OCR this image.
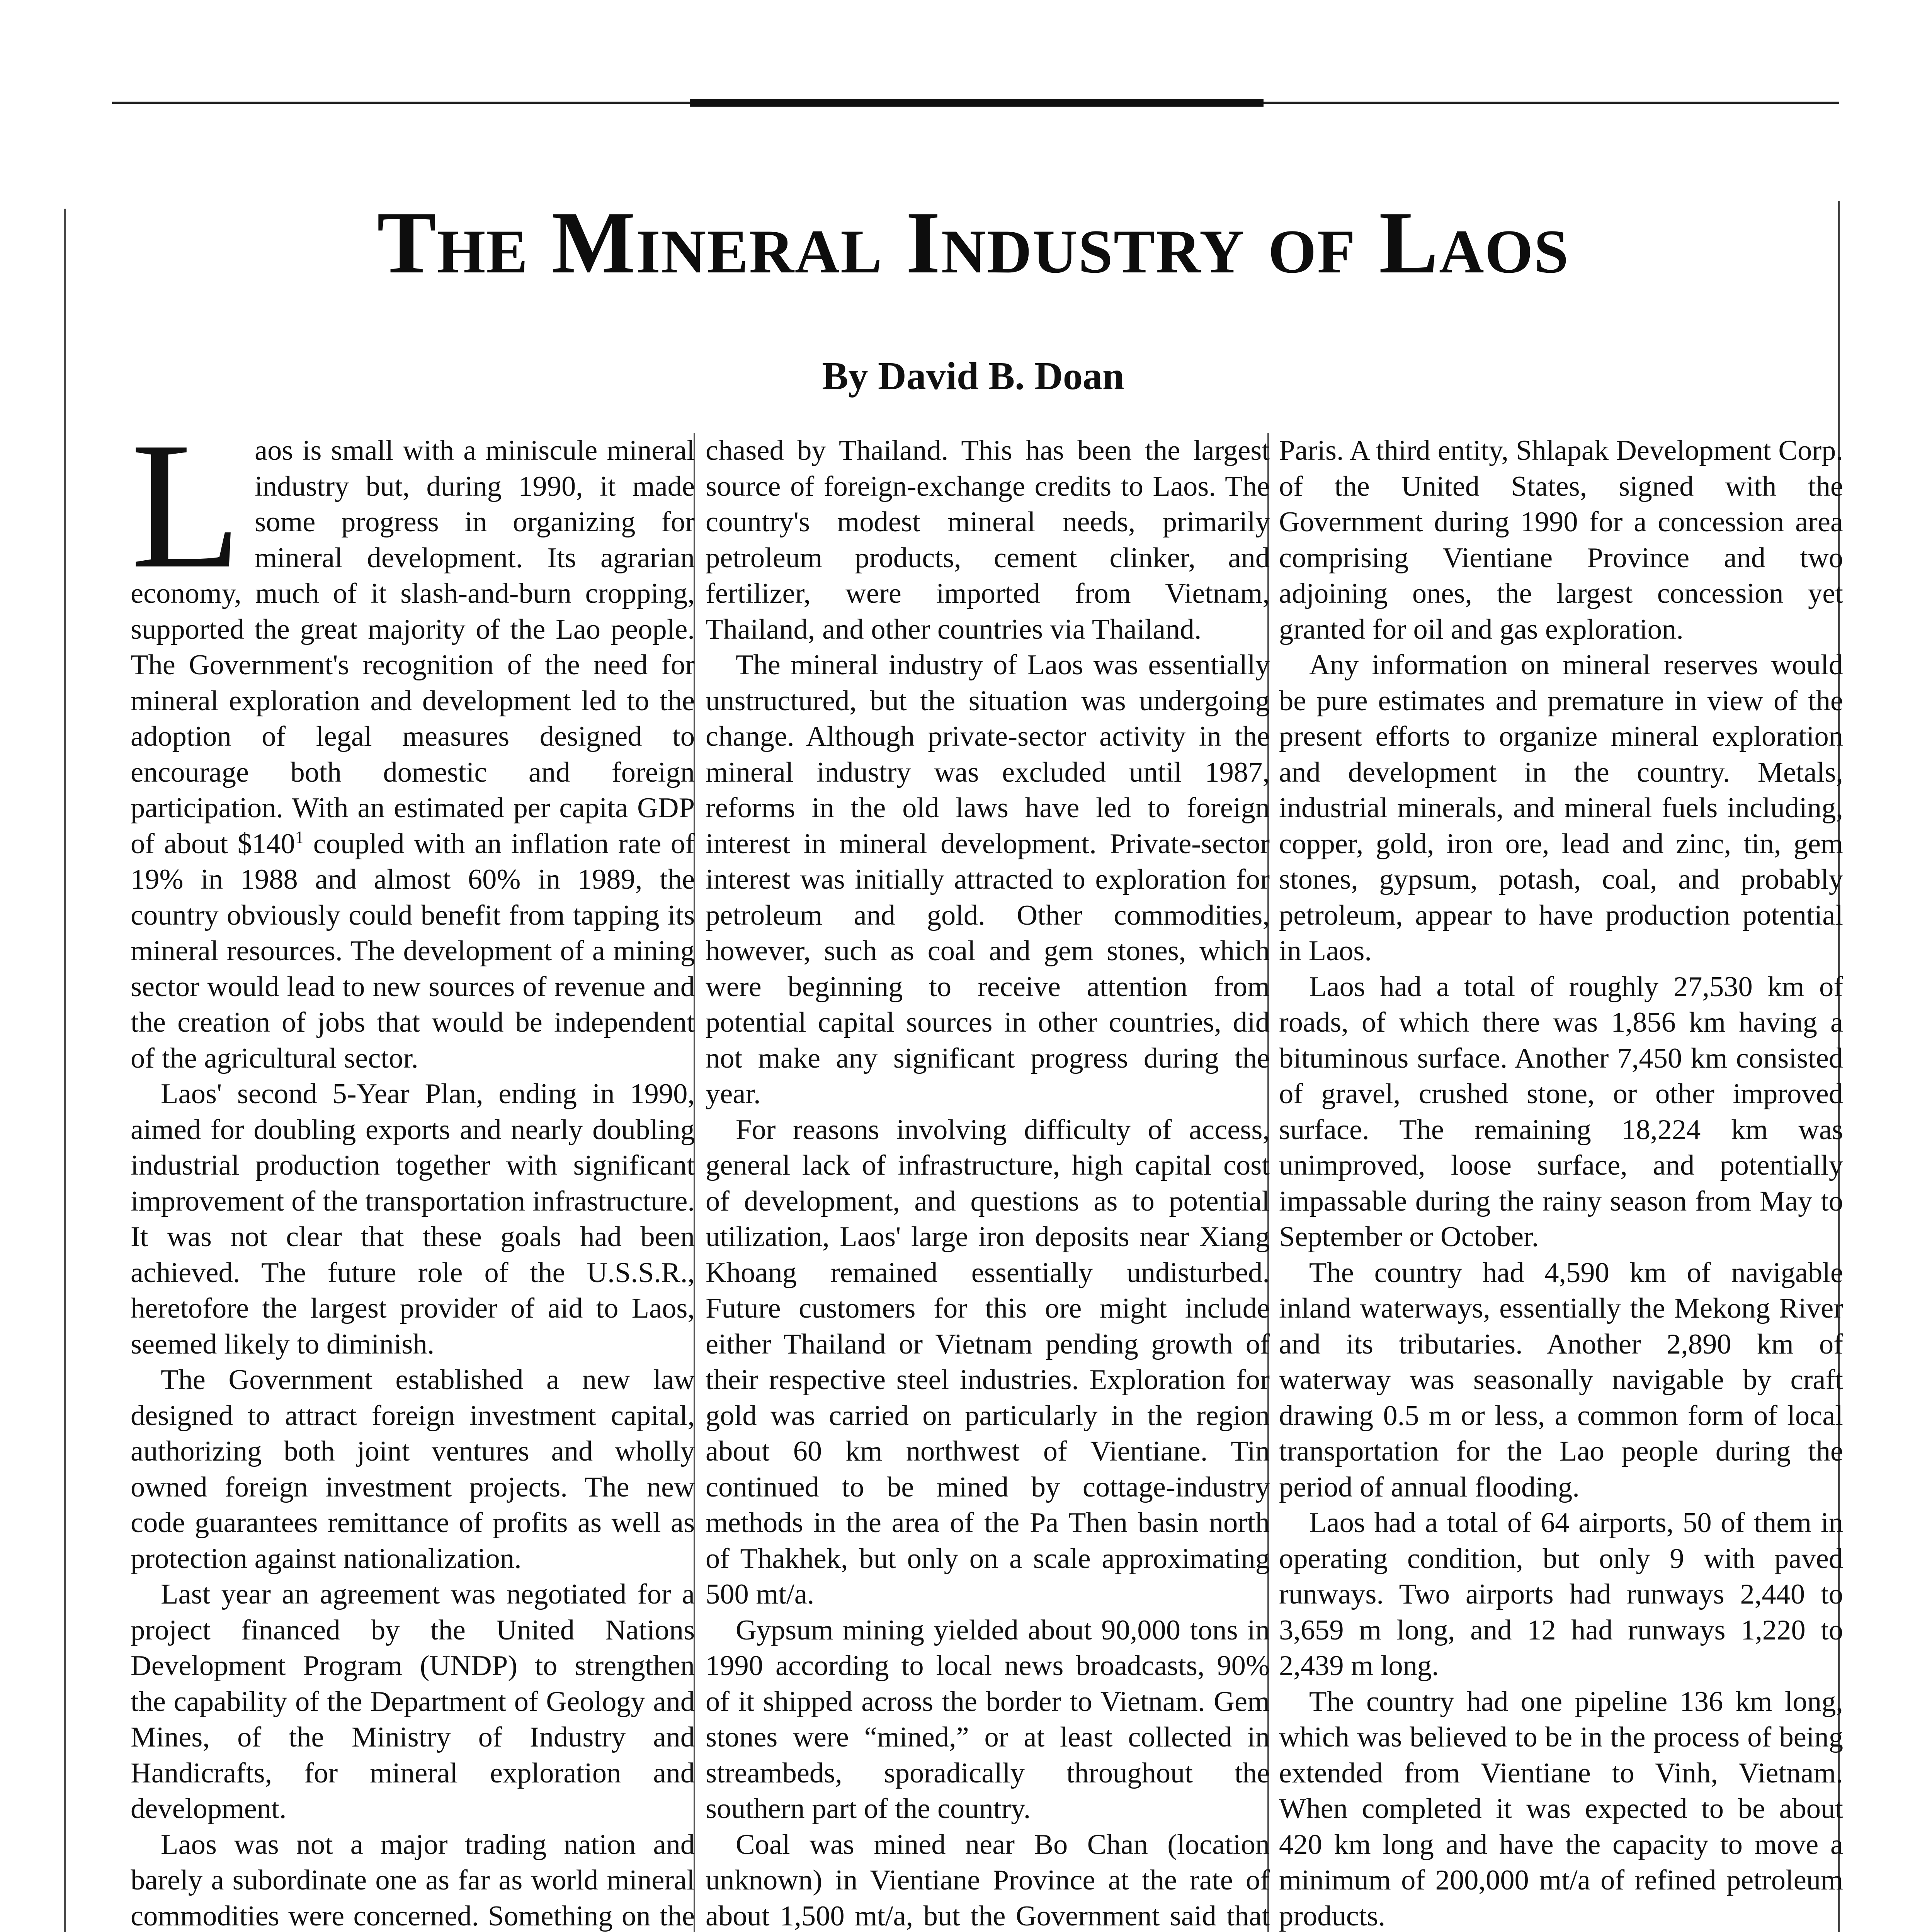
The Mineral Industry of Laos
By David B. Doan

Laos is small with a miniscule mineral industry but, during 1990, it made some progress in organizing for mineral development. Its agrarian economy, much of it slash-and-burn cropping, supported the great majority of the Lao people. The Government's recognition of the need for mineral exploration and development led to the adoption of legal measures designed to encourage both domestic and foreign participation. With an estimated per capita GDP of about $\$140^1$ coupled with an inflation rate of 19% in 1988 and almost 60% in 1989, the country obviously could benefit from tapping its mineral resources. The development of a mining sector would lead to new sources of revenue and the creation of jobs that would be independent of the agricultural sector.

Laos' second 5-Year Plan, ending in 1990, aimed for doubling exports and nearly doubling industrial production together with significant improvement of the transportation infrastructure. It was not clear that these goals had been achieved. The future role of the U.S.S.R., heretofore the largest provider of aid to Laos, seemed likely to diminish.

The Government established a new law designed to attract foreign investment capital, authorizing both joint ventures and wholly owned foreign investment projects. The new code guarantees remittance of profits as well as protection against nationalization.

Last year an agreement was negotiated for a project financed by the United Nations Development Program (UNDP) to strengthen the capability of the Department of Geology and Mines, of the Ministry of Industry and Handicrafts, for mineral exploration and development.

Laos was not a major trading nation and barely a subordinate one as far as world mineral commodities were concerned. Something on the

chased by Thailand. This has been the largest source of foreign-exchange credits to Laos. The country's modest mineral needs, primarily petroleum products, cement clinker, and fertilizer, were imported from Vietnam, Thailand, and other countries via Thailand.

The mineral industry of Laos was essentially unstructured, but the situation was undergoing change. Although private-sector activity in the mineral industry was excluded until 1987, reforms in the old laws have led to foreign interest in mineral development. Private-sector interest was initially attracted to exploration for petroleum and gold. Other commodities, however, such as coal and gem stones, which were beginning to receive attention from potential capital sources in other countries, did not make any significant progress during the year.

For reasons involving difficulty of access, general lack of infrastructure, high capital cost of development, and questions as to potential utilization, Laos' large iron deposits near Xiang Khoang remained essentially undisturbed. Future customers for this ore might include either Thailand or Vietnam pending growth of their respective steel industries. Exploration for gold was carried on particularly in the region about 60 km northwest of Vientiane. Tin continued to be mined by cottage-industry methods in the area of the Pa Then basin north of Thakhek, but only on a scale approximating 500 mt/a.

Gypsum mining yielded about 90,000 tons in 1990 according to local news broadcasts, 90% of it shipped across the border to Vietnam. Gem stones were “mined,” or at least collected in streambeds, sporadically throughout the southern part of the country.

Coal was mined near Bo Chan (location unknown) in Vientiane Province at the rate of about 1,500 mt/a, but the Government said that

Paris. A third entity, Shlapak Development Corp. of the United States, signed with the Government during 1990 for a concession area comprising Vientiane Province and two adjoining ones, the largest concession yet granted for oil and gas exploration.

Any information on mineral reserves would be pure estimates and premature in view of the present efforts to organize mineral exploration and development in the country. Metals, industrial minerals, and mineral fuels including, copper, gold, iron ore, lead and zinc, tin, gem stones, gypsum, potash, coal, and probably petroleum, appear to have production potential in Laos.

Laos had a total of roughly 27,530 km of roads, of which there was 1,856 km having a bituminous surface. Another 7,450 km consisted of gravel, crushed stone, or other improved surface. The remaining 18,224 km was unimproved, loose surface, and potentially impassable during the rainy season from May to September or October.

The country had 4,590 km of navigable inland waterways, essentially the Mekong River and its tributaries. Another 2,890 km of waterway was seasonally navigable by craft drawing 0.5 m or less, a common form of local transportation for the Lao people during the period of annual flooding.

Laos had a total of 64 airports, 50 of them in operating condition, but only 9 with paved runways. Two airports had runways 2,440 to 3,659 m long, and 12 had runways 1,220 to 2,439 m long.

The country had one pipeline 136 km long, which was believed to be in the process of being extended from Vientiane to Vinh, Vietnam. When completed it was expected to be about 420 km long and have the capacity to move a minimum of 200,000 mt/a of refined petroleum products.
